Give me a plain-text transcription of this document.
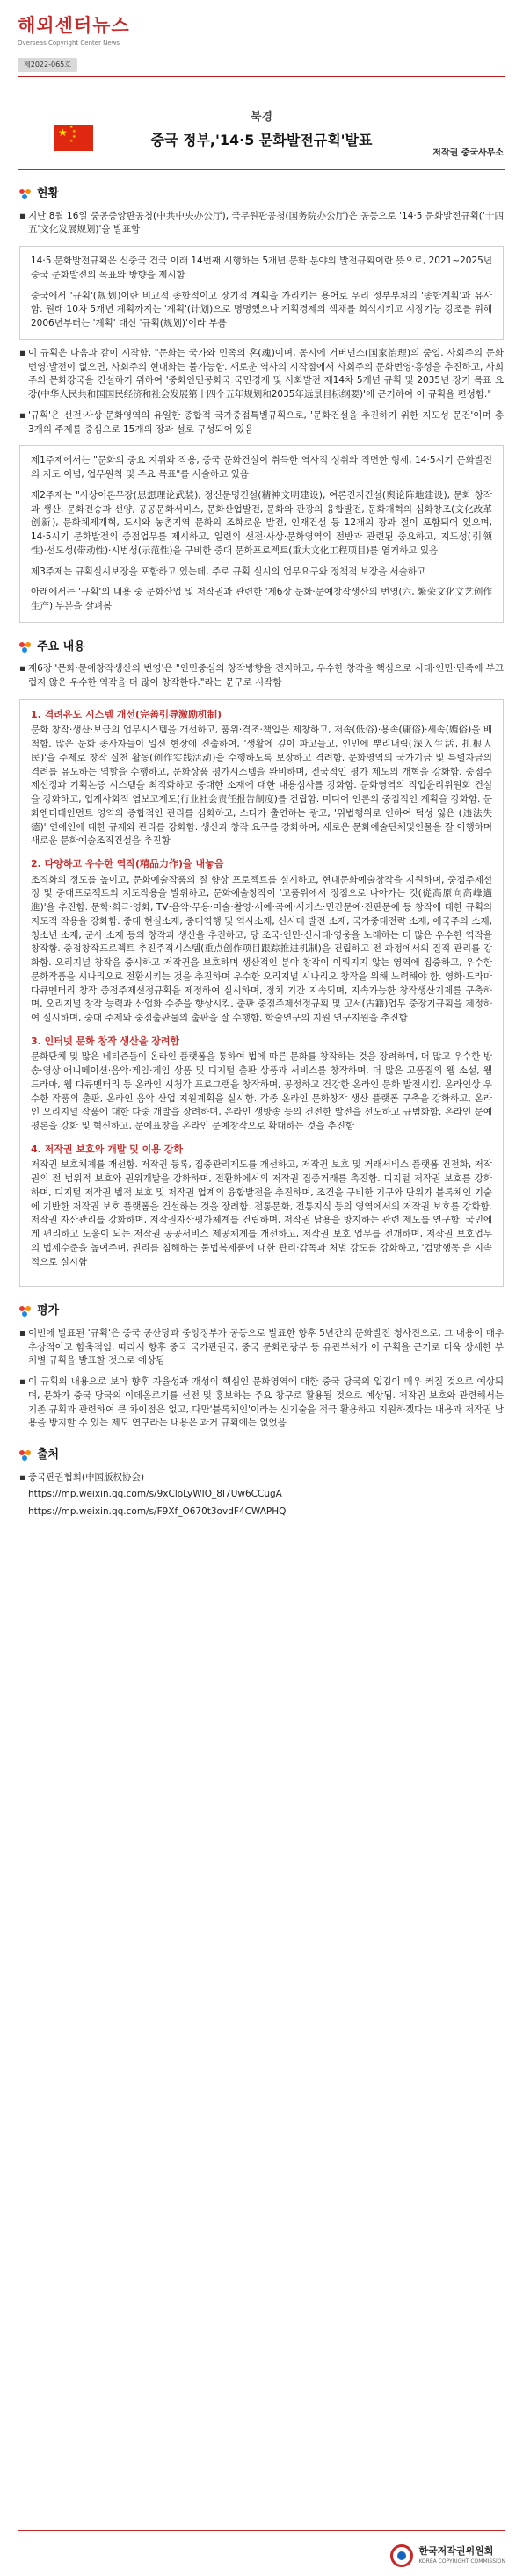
해외센터뉴스
Overseas Copyright Center News
제2022-065호
북경
★ ★
★
★
★	중국 정부,'14·5 문화발전규획'발표
저작권 중국사무소
현황
▪ 지난 8월 16일 중공중앙판공청(中共中央办公厅), 국무원판공청(国务院办公厅)은 공동으로 '14·5 문화발전규획('十四五'文化发展规划)'을 발표함

14·5 문화발전규획은 신중국 건국 이래 14번째 시행하는 5개년 문화 분야의 발전규획이란 뜻으로, 2021~2025년 중국 문화발전의 목표와 방향을 제시함

중국에서 '규획'(规划)이란 비교적 종합적이고 장기적 계획을 가리키는 용어로 우리 정부부처의 '종합계획'과 유사함. 원래 10차 5개년 계획까지는 '계획'(计划)으로 명명했으나 계획경제의 색채를 희석시키고 시장기능 강조를 위해 2006년부터는 '계획' 대신 '규획(规划)'이라 부름

▪ 이 규획은 다음과 같이 시작함. "문화는 국가와 민족의 혼(魂)이며, 동시에 거버넌스(国家治理)의 중임. 사회주의 문화번영·발전이 없으면, 사회주의 현대화는 불가능함. 새로운 역사의 시작점에서 사회주의 문화번영·흥성을 추진하고, 사회주의 문화강국을 건설하기 위하여 '중화인민공화국 국민경제 및 사회발전 제14차 5개년 규획 및 2035년 장기 목표 요강(中华人民共和国国民经济和社会发展第十四个五年规划和2035年远景目标纲要)'에 근거하여 이 규획을 편성함."
▪ '규획'은 선전·사상·문화영역의 유일한 종합적 국가중점특별규획으로, '문화건설을 추진하기 위한 지도성 문건'이며 총 3개의 주제를 중심으로 15개의 장과 설로 구성되어 있음

제1주제에서는 "문화의 중요 지위와 작용, 중국 문화건설이 취득한 역사적 성취와 직면한 형세, 14·5시기 문화발전의 지도 이념, 업무원칙 및 주요 목표"를 서술하고 있음

제2주제는 "사상이론무장(思想理论武装), 정신문명건설(精神文明建设), 여론진지건설(舆论阵地建设), 문화 창작과 생산, 문화전승과 선양, 공공문화서비스, 문화산업발전, 문화와 관광의 융합발전, 문화개혁의 심화창조(文化改革创新), 문화체제개혁, 도시와 농촌지역 문화의 조화로운 발전, 인재건설 등 12개의 장과 절이 포함되어 있으며, 14·5시기 문화발전의 중점업무를 제시하고, 일련의 선전·사상·문화영역의 전반과 관련된 중요하고, 지도성(引领性)·선도성(带动性)·시범성(示范性)을 구비한 중대 문화프로젝트(重大文化工程项目)를 열거하고 있음

제3주제는 규획실시보장을 포함하고 있는데, 주로 규획 실시의 업무요구와 정책적 보장을 서술하고

아래에서는 '규획'의 내용 중 문화산업 및 저작권과 관련한 '제6장 문화·문예창작생산의 번영(六, 繁荣文化文艺创作生产)'부분을 살펴봄

주요 내용
▪ 제6장 '문화·문예창작생산의 번영'은 "인민중심의 창작방향을 견지하고, 우수한 창작을 핵심으로 시대·인민·민족에 부끄럽지 않은 우수한 역작을 더 많이 창작한다."라는 문구로 시작함
1. 격려유도 시스템 개선(完善引导激励机制)

문화 창작·생산·보급의 업무시스템을 개선하고, 품위·격조·책임을 제창하고, 저속(低俗)·용속(庸俗)·세속(媚俗)을 배척함. 많은 문화 종사자들이 일선 현장에 진출하여, '생활에 깊이 파고들고, 인민에 뿌리내림(深入生活, 扎根人民)'을 주제로 창작 실천 활동(创作实践活动)을 수행하도록 보장하고 격려함. 문화영역의 국가기금 및 특별자금의 격려를 유도하는 역할을 수행하고, 문화상품 평가시스템을 완비하며, 전국적인 평가 제도의 개혁을 강화함. 중점주제선정과 기획논증 시스템을 최적화하고 중대한 소재에 대한 내용심사를 강화함. 문화영역의 직업윤리위원회 건설을 강화하고, 업계사회적 염보고제도(行业社会责任报告制度)를 건립함. 미디어 언론의 중점적인 계획을 강화함. 문화엔터테인먼트 영역의 종합적인 관리를 심화하고, 스타가 출연하는 광고, '위법행위로 인하여 덕성 잃은 (违法失德)' 연예인에 대한 규제와 관리를 강화함. 생산과 창작 요구를 강화하며, 새로운 문화예술단체및인물을 잘 이행하며 새로운 문화예술조직건설을 추진함

2. 다양하고 우수한 역작(精品力作)을 내놓음

조직화의 정도를 높이고, 문화예술작품의 질 향상 프로젝트를 실시하고, 현대문화예술창작을 지원하며, 중점주제선정 및 중대프로젝트의 지도작용을 발휘하고, 문화예술창작이 '고품위에서 정점으로 나아가는 것(從高原向高峰邁進)'을 추진함. 문학·희극·영화, TV·음악·무용·미술·촬영·서예·곡예·서커스·민간문예·진판문예 등 창작에 대한 규획의 지도적 작용을 강화함. 중대 현실소재, 중대역행 및 역사소재, 신시대 발전 소재, 국가중대전략 소재, 애국주의 소재, 청소년 소재, 군사 소재 등의 창작과 생산을 추진하고, 당 조국·인민·신시대·영웅을 노래하는 더 많은 우수한 역작을 창작함. 중점창작프로젝트 추진주적시스템(重点创作项目跟踪推进机制)을 건립하고 전 과정에서의 질적 관리를 강화함. 오리지널 창작을 중시하고 저작권을 보호하며 생산적인 분야 창작이 이뤄지지 않는 영역에 집중하고, 우수한 문화작품을 시나리오로 전환시키는 것을 추진하며 우수한 오리지널 시나리오 창작을 위해 노력해야 함. 영화·드라마 다큐멘터리 창작 중점주제선정규획을 제정하여 실시하며, 정치 기간 지속되며, 지속가능한 창작생산기제를 구축하며, 오리지널 창작 능력과 산업화 수준을 향상시킴. 출판 중점주제선정규획 및 고서(古籍)업무 중장기규획을 제정하여 실시하며, 중대 주제와 중점출판물의 출판을 잘 수행함. 학술연구의 지원 연구지원을 추진함

3. 인터넷 문화 창작 생산을 장려함

문화단체 및 많은 네티즌들이 온라인 플랫폼을 통하여 법에 따른 문화를 창작하는 것을 장려하며, 더 많고 우수한 방송·영상·애니메이션·음악·게임·게임 상품 및 디지털 출판 상품과 서비스를 창작하며, 더 많은 고품질의 웹 소설, 웹 드라마, 웹 다큐멘터리 등 온라인 시청각 프로그램을 창작하며, 공정하고 건강한 온라인 문화 발전시킴. 온라인상 우수한 작품의 출판, 온라인 음악 산업 지원계획을 실시함. 각종 온라인 문화창작 생산 플랫폼 구축을 강화하고, 온라인 오리지널 작품에 대한 다중 개발을 장려하며, 온라인 생방송 등의 건전한 발전을 선도하고 규범화함. 온라인 문예평론을 강화 및 혁신하고, 문예표창을 온라인 문예창작으로 확대하는 것을 추진함

4. 저작권 보호와 개발 및 이용 강화

저작권 보호체계를 개선함. 저작권 등록, 집중관리제도를 개선하고, 저작권 보호 및 거래서비스 플랫폼 건전화, 저작권의 전 범위적 보호와 권위개발을 강화하며, 전환화에서의 저작권 집중거래를 촉진함. 디지털 저작권 보호를 강화하며, 디지털 저작권 법적 보호 및 저작권 업계의 융합발전을 추진하며, 조건을 구비한 기구와 단위가 블록체인 기술에 기반한 저작권 보호 플랫폼을 건설하는 것을 장려함. 전통문화, 전통지식 등의 영역에서의 저작권 보호를 강화함. 저작권 자산관리를 강화하며, 저작권자산평가체계를 건립하며, 저작권 남용을 방지하는 관련 제도를 연구함. 국민에게 편리하고 도움이 되는 저작권 공공서비스 제공체계를 개선하고, 저작권 보호 업무를 전개하며, 저작권 보호업무의 법제수준을 높여주며, 권리를 침해하는 불법복제품에 대한 관리·감독과 처벌 강도를 강화하고, '검망행동'을 지속적으로 실시함

평가
▪ 이번에 발표된 '규획'은 중국 공산당과 중앙정부가 공동으로 발표한 향후 5년간의 문화발전 청사진으로, 그 내용이 매우 추상적이고 함축적임. 따라서 향후 중국 국가판권국, 중국 문화관광부 등 유관부처가 이 규획을 근거로 더욱 상세한 부처별 규획을 발표할 것으로 예상됨
▪ 이 규획의 내용으로 보아 향후 자율성과 개성이 핵심인 문화영역에 대한 중국 당국의 입김이 매우 커질 것으로 예상되며, 문화가 중국 당국의 이데올로기를 선전 및 홍보하는 주요 창구로 활용될 것으로 예상됨. 저작권 보호와 관련해서는 기존 규획과 관련하여 큰 차이점은 없고, 다만'블록체인'이라는 신기술을 적극 활용하고 지원하겠다는 내용과 저작권 남용을 방지할 수 있는 제도 연구라는 내용은 과거 규획에는 없었음
출처
▪ 중국판권협회(中国版权协会)
https://mp.weixin.qq.com/s/9xCloLyWIO_8I7Uw6CCugA
https://mp.weixin.qq.com/s/F9Xf_O670t3ovdF4CWAPHQ
한국저작권위원회
KOREA COPYRIGHT COMMISSION
